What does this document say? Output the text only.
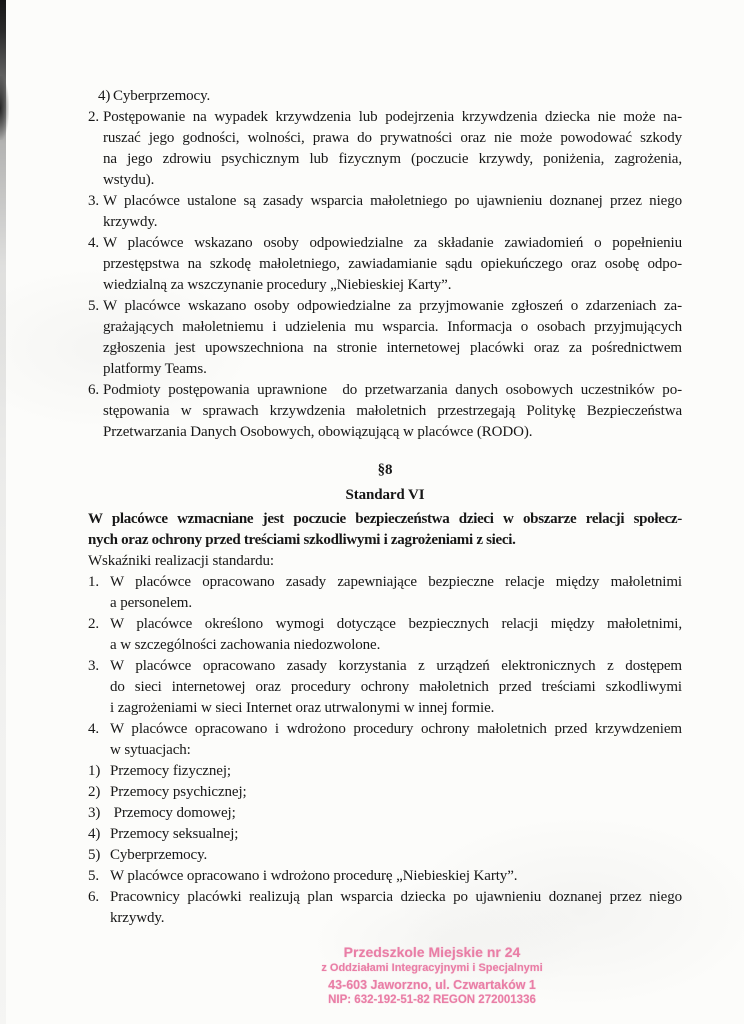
4) Cyberprzemocy.
2. Postępowanie na wypadek krzywdzenia lub podejrzenia krzywdzenia dziecka nie może na-
ruszać jego godności, wolności, prawa do prywatności oraz nie może powodować szkody
na jego zdrowiu psychicznym lub fizycznym (poczucie krzywdy, poniżenia, zagrożenia,
wstydu).
3. W placówce ustalone są zasady wsparcia małoletniego po ujawnieniu doznanej przez niego
krzywdy.
4. W placówce wskazano osoby odpowiedzialne za składanie zawiadomień o popełnieniu
przestępstwa na szkodę małoletniego, zawiadamianie sądu opiekuńczego oraz osobę odpo-
wiedzialną za wszczynanie procedury „Niebieskiej Karty”.
5. W placówce wskazano osoby odpowiedzialne za przyjmowanie zgłoszeń o zdarzeniach za-
grażających małoletniemu i udzielenia mu wsparcia. Informacja o osobach przyjmujących
zgłoszenia jest upowszechniona na stronie internetowej placówki oraz za pośrednictwem
platformy Teams.
6. Podmioty postępowania uprawnione  do przetwarzania danych osobowych uczestników po-
stępowania w sprawach krzywdzenia małoletnich przestrzegają Politykę Bezpieczeństwa
Przetwarzania Danych Osobowych, obowiązującą w placówce (RODO).
§8
Standard VI
W placówce wzmacniane jest poczucie bezpieczeństwa dzieci w obszarze relacji społecz-
nych oraz ochrony przed treściami szkodliwymi i zagrożeniami z sieci.
Wskaźniki realizacji standardu:
1. W placówce opracowano zasady zapewniające bezpieczne relacje między małoletnimi
a personelem.
2. W placówce określono wymogi dotyczące bezpiecznych relacji między małoletnimi,
a w szczególności zachowania niedozwolone.
3. W placówce opracowano zasady korzystania z urządzeń elektronicznych z dostępem
do sieci internetowej oraz procedury ochrony małoletnich przed treściami szkodliwymi
i zagrożeniami w sieci Internet oraz utrwalonymi w innej formie.
4. W placówce opracowano i wdrożono procedury ochrony małoletnich przed krzywdzeniem
w sytuacjach:
1) Przemocy fizycznej;
2) Przemocy psychicznej;
3) Przemocy domowej;
4) Przemocy seksualnej;
5) Cyberprzemocy.
5. W placówce opracowano i wdrożono procedurę „Niebieskiej Karty”.
6. Pracownicy placówki realizują plan wsparcia dziecka po ujawnieniu doznanej przez niego
krzywdy.
Przedszkole Miejskie nr 24
z Oddziałami Integracyjnymi i Specjalnymi
43-603 Jaworzno, ul. Czwartaków 1
NIP: 632-192-51-82 REGON 272001336
